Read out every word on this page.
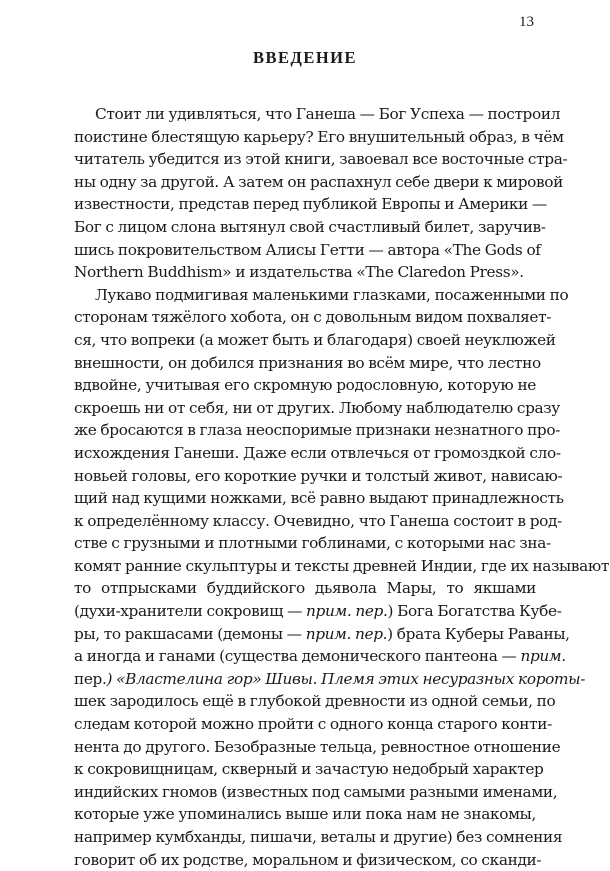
13
ВВЕДЕНИЕ
Стоит ли удивляться, что Ганеша — Бог Успеха — построил
поистине блестящую карьеру? Его внушительный образ, в чём
читатель убедится из этой книги, завоевал все восточные стра-
ны одну за другой. А затем он распахнул себе двери к мировой
известности, представ перед публикой Европы и Америки —
Бог с лицом слона вытянул свой счастливый билет, заручив-
шись покровительством Алисы Гетти — автора «The Gods of
Northern Buddhism» и издательства «The Claredon Press».
Лукаво подмигивая маленькими глазками, посаженными по
сторонам тяжёлого хобота, он с довольным видом похваляет-
ся, что вопреки (а может быть и благодаря) своей неуклюжей
внешности, он добился признания во всём мире, что лестно
вдвойне, учитывая его скромную родословную, которую не
скроешь ни от себя, ни от других. Любому наблюдателю сразу
же бросаются в глаза неоспоримые признаки незнатного про-
исхождения Ганеши. Даже если отвлечься от громоздкой сло-
новьей головы, его короткие ручки и толстый живот, нависаю-
щий над кущими ножками, всё равно выдают принадлежность
к определённому классу. Очевидно, что Ганеша состоит в род-
стве с грузными и плотными гоблинами, с которыми нас зна-
комят ранние скульптуры и тексты древней Индии, где их называют
то отпрысками буддийского дьявола Мары, то якшами
(духи-хранители сокровищ — прим. пер.) Бога Богатства Кубе-
ры, то ракшасами (демоны — прим. пер.) брата Куберы Раваны,
а иногда и ганами (существа демонического пантеона — прим.
пер.) «Властелина гор» Шивы. Племя этих несуразных короты-
шек зародилось ещё в глубокой древности из одной семьи, по
следам которой можно пройти с одного конца старого конти-
нента до другого. Безобразные тельца, ревностное отношение
к сокровищницам, скверный и зачастую недобрый характер
индийских гномов (известных под самыми разными именами,
которые уже упоминались выше или пока нам не знакомы,
например кумбханды, пишачи, веталы и другие) без сомнения
говорит об их родстве, моральном и физическом, со сканди-
